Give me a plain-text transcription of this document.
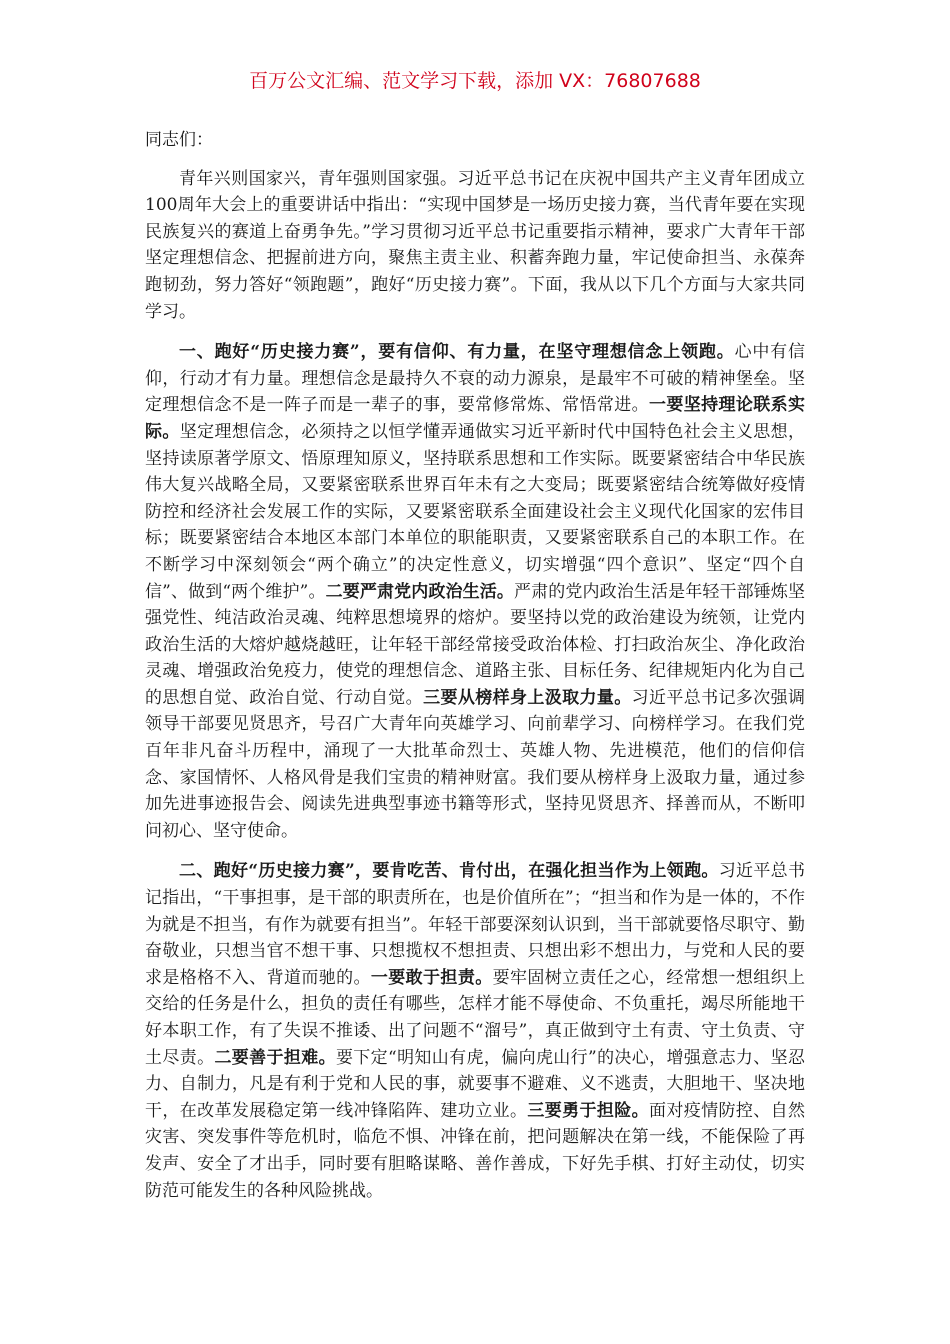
百万公文汇编、范文学习下载，添加 VX：76807688

同志们：

青年兴则国家兴，青年强则国家强。习近平总书记在庆祝中国共产主义青年团成立100周年大会上的重要讲话中指出：“实现中国梦是一场历史接力赛，当代青年要在实现民族复兴的赛道上奋勇争先。”学习贯彻习近平总书记重要指示精神，要求广大青年干部坚定理想信念、把握前进方向，聚焦主责主业、积蓄奔跑力量，牢记使命担当、永葆奔跑韧劲，努力答好“领跑题”，跑好“历史接力赛”。下面，我从以下几个方面与大家共同学习。

一、跑好“历史接力赛”，要有信仰、有力量，在坚守理想信念上领跑。心中有信仰，行动才有力量。理想信念是最持久不衰的动力源泉，是最牢不可破的精神堡垒。坚定理想信念不是一阵子而是一辈子的事，要常修常炼、常悟常进。一要坚持理论联系实际。坚定理想信念，必须持之以恒学懂弄通做实习近平新时代中国特色社会主义思想，坚持读原著学原文、悟原理知原义，坚持联系思想和工作实际。既要紧密结合中华民族伟大复兴战略全局，又要紧密联系世界百年未有之大变局；既要紧密结合统筹做好疫情防控和经济社会发展工作的实际，又要紧密联系全面建设社会主义现代化国家的宏伟目标；既要紧密结合本地区本部门本单位的职能职责，又要紧密联系自己的本职工作。在不断学习中深刻领会“两个确立”的决定性意义，切实增强“四个意识”、坚定“四个自信”、做到“两个维护”。二要严肃党内政治生活。严肃的党内政治生活是年轻干部锤炼坚强党性、纯洁政治灵魂、纯粹思想境界的熔炉。要坚持以党的政治建设为统领，让党内政治生活的大熔炉越烧越旺，让年轻干部经常接受政治体检、打扫政治灰尘、净化政治灵魂、增强政治免疫力，使党的理想信念、道路主张、目标任务、纪律规矩内化为自己的思想自觉、政治自觉、行动自觉。三要从榜样身上汲取力量。习近平总书记多次强调领导干部要见贤思齐，号召广大青年向英雄学习、向前辈学习、向榜样学习。在我们党百年非凡奋斗历程中，涌现了一大批革命烈士、英雄人物、先进模范，他们的信仰信念、家国情怀、人格风骨是我们宝贵的精神财富。我们要从榜样身上汲取力量，通过参加先进事迹报告会、阅读先进典型事迹书籍等形式，坚持见贤思齐、择善而从，不断叩问初心、坚守使命。

二、跑好“历史接力赛”，要肯吃苦、肯付出，在强化担当作为上领跑。习近平总书记指出，“干事担事，是干部的职责所在，也是价值所在”；“担当和作为是一体的，不作为就是不担当，有作为就要有担当”。年轻干部要深刻认识到，当干部就要恪尽职守、勤奋敬业，只想当官不想干事、只想揽权不想担责、只想出彩不想出力，与党和人民的要求是格格不入、背道而驰的。一要敢于担责。要牢固树立责任之心，经常想一想组织上交给的任务是什么，担负的责任有哪些，怎样才能不辱使命、不负重托，竭尽所能地干好本职工作，有了失误不推诿、出了问题不“溜号”，真正做到守土有责、守土负责、守土尽责。二要善于担难。要下定“明知山有虎，偏向虎山行”的决心，增强意志力、坚忍力、自制力，凡是有利于党和人民的事，就要事不避难、义不逃责，大胆地干、坚决地干，在改革发展稳定第一线冲锋陷阵、建功立业。三要勇于担险。面对疫情防控、自然灾害、突发事件等危机时，临危不惧、冲锋在前，把问题解决在第一线，不能保险了再发声、安全了才出手，同时要有胆略谋略、善作善成，下好先手棋、打好主动仗，切实防范可能发生的各种风险挑战。
